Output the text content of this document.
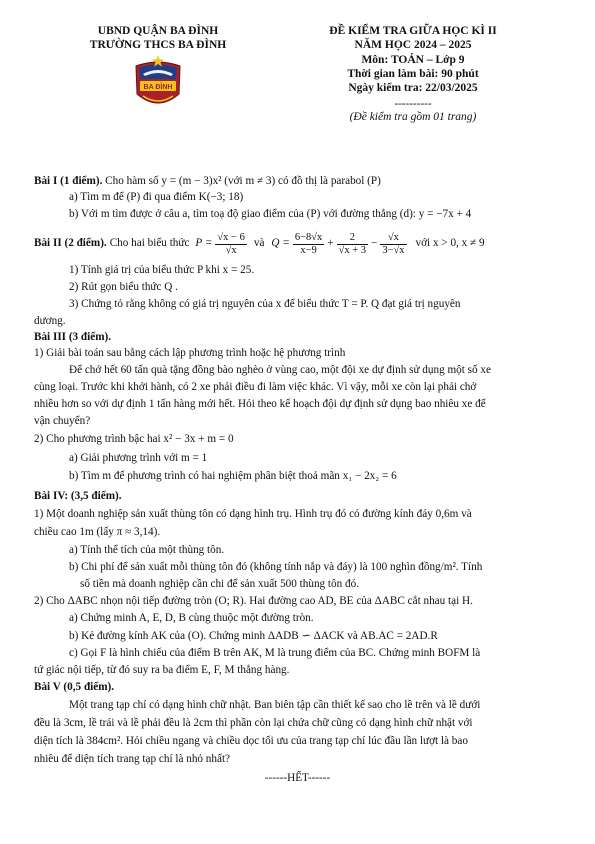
UBND QUẬN BA ĐÌNH
TRƯỜNG THCS BA ĐÌNH
BA ĐÌNH
ĐỀ KIỂM TRA GIỮA HỌC KÌ II
NĂM HỌC 2024 – 2025
Môn: TOÁN – Lớp 9
Thời gian làm bài: 90 phút
Ngày kiểm tra: 22/03/2025
----------
(Đề kiểm tra gồm 01 trang)
Bài I (1 điểm). Cho hàm số y = (m − 3)x² (với m ≠ 3) có đồ thị là parabol (P)
a) Tìm m để (P) đi qua điểm K(−3; 18)
b) Với m tìm được ở câu a, tìm toạ độ giao điểm của (P) với đường thẳng (d): y = −7x + 4
Bài II (2 điểm). Cho hai biểu thức $P = \frac{√x - 6}{√x}$ và $Q = \frac{6-8√x}{x-9} + \frac{2}{√x + 3} - \frac{√x}{3-√x}$ với x > 0, x ≠ 9
1) Tính giá trị của biểu thức P khi x = 25.
2) Rút gọn biểu thức Q .
3) Chứng tỏ rằng không có giá trị nguyên của x để biểu thức T = P. Q đạt giá trị nguyên
dương.
Bài III (3 điểm).
1) Giải bài toán sau bằng cách lập phương trình hoặc hệ phương trình
Để chở hết 60 tấn quà tặng đồng bào nghèo ở vùng cao, một đội xe dự định sử dụng một số xe
cùng loại. Trước khi khởi hành, có 2 xe phải điều đi làm việc khác. Vì vậy, mỗi xe còn lại phải chở
nhiều hơn so với dự định 1 tấn hàng mới hết. Hỏi theo kế hoạch đội dự định sử dụng bao nhiêu xe để
vận chuyển?
2) Cho phương trình bậc hai x² − 3x + m = 0
a) Giải phương trình với m = 1
b) Tìm m để phương trình có hai nghiệm phân biệt thoả mãn x₁ − 2x₂ = 6
Bài IV: (3,5 điểm).
1) Một doanh nghiệp sản xuất thùng tôn có dạng hình trụ. Hình trụ đó có đường kính đáy 0,6m và
chiều cao 1m (lấy π ≈ 3,14).
a) Tính thể tích của một thùng tôn.
b) Chi phí để sản xuất mỗi thùng tôn đó (không tính nắp và đáy) là 100 nghìn đồng/m². Tính
số tiền mà doanh nghiệp cần chi để sản xuất 500 thùng tôn đó.
2) Cho ΔABC nhọn nội tiếp đường tròn (O; R). Hai đường cao AD, BE của ΔABC cắt nhau tại H.
a) Chứng minh A, E, D, B cùng thuộc một đường tròn.
b) Kẻ đường kính AK của (O). Chứng minh ΔADB ∽ ΔACK và AB.AC = 2AD.R
c) Gọi F là hình chiếu của điểm B trên AK, M là trung điểm của BC. Chứng minh BOFM là
tứ giác nội tiếp, từ đó suy ra ba điểm E, F, M thẳng hàng.
Bài V (0,5 điểm).
Một trang tạp chí có dạng hình chữ nhật. Ban biên tập cần thiết kế sao cho lề trên và lề dưới
đều là 3cm, lề trái và lề phải đều là 2cm thì phần còn lại chứa chữ cũng có dạng hình chữ nhật với
diện tích là 384cm². Hỏi chiều ngang và chiều dọc tối ưu của trang tạp chí lúc đầu lần lượt là bao
nhiêu để diện tích trang tạp chí là nhỏ nhất?
------HẾT------
